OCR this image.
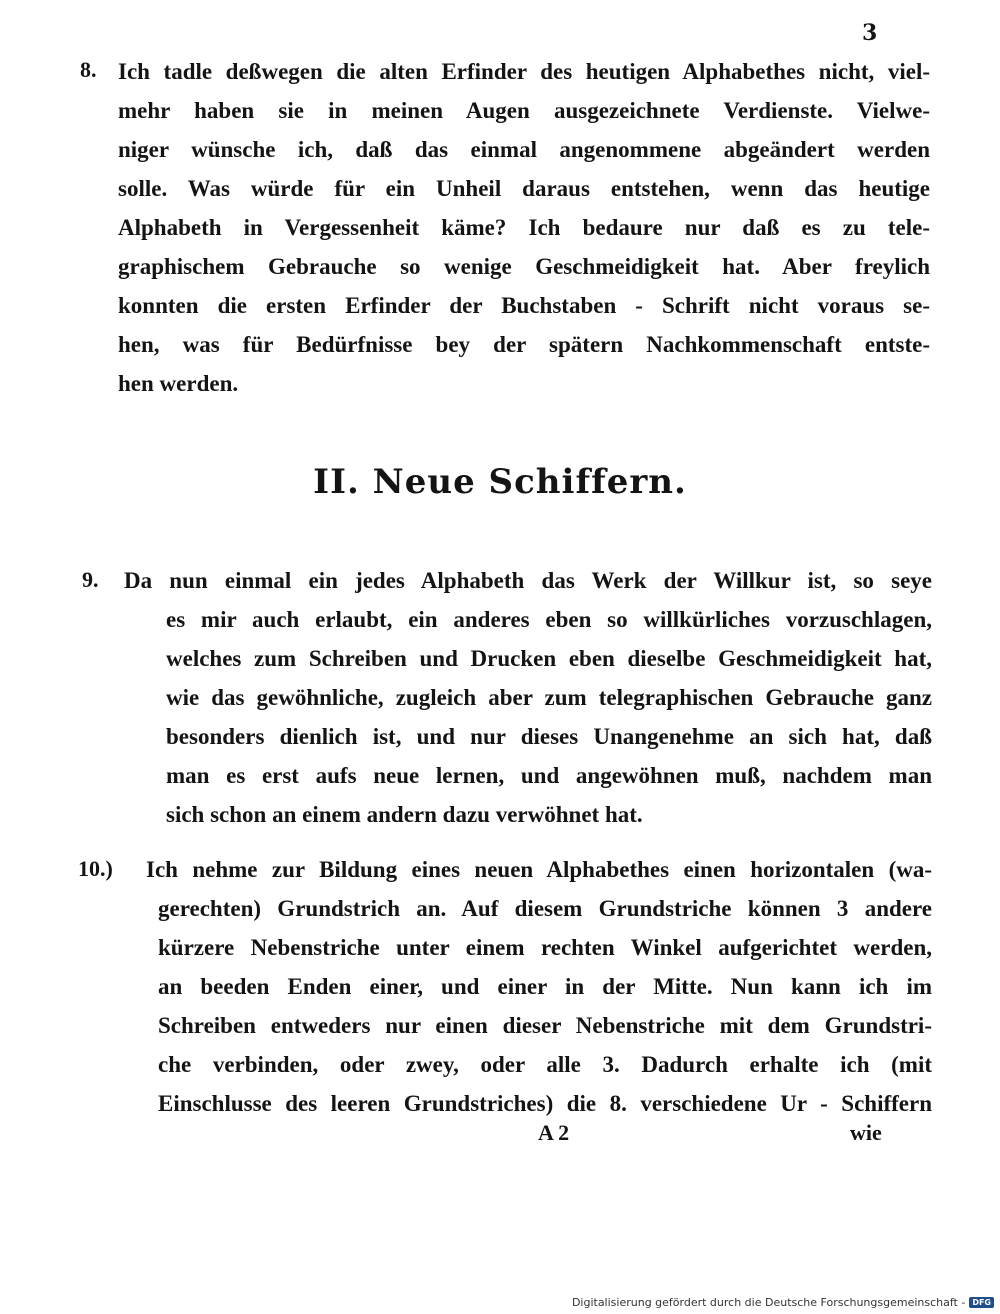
3
8. Ich tadle deßwegen die alten Erfinder des heutigen Alphabethes nicht, viel-
mehr haben sie in meinen Augen ausgezeichnete Verdienste. Vielwe-
niger wünsche ich, daß das einmal angenommene abgeändert werden
solle. Was würde für ein Unheil daraus entstehen, wenn das heutige
Alphabeth in Vergessenheit käme? Ich bedaure nur daß es zu tele-
graphischem Gebrauche so wenige Geschmeidigkeit hat. Aber freylich
konnten die ersten Erfinder der Buchstaben - Schrift nicht voraus se-
hen, was für Bedürfnisse bey der spätern Nachkommenschaft entste-
hen werden.
II. Neue Schiffern.
9. Da nun einmal ein jedes Alphabeth das Werk der Willkur ist, so seye
es mir auch erlaubt, ein anderes eben so willkürliches vorzuschlagen,
welches zum Schreiben und Drucken eben dieselbe Geschmeidigkeit hat,
wie das gewöhnliche, zugleich aber zum telegraphischen Gebrauche ganz
besonders dienlich ist, und nur dieses Unangenehme an sich hat, daß
man es erst aufs neue lernen, und angewöhnen muß, nachdem man
sich schon an einem andern dazu verwöhnet hat.
10.) Ich nehme zur Bildung eines neuen Alphabethes einen horizontalen (wa-
gerechten) Grundstrich an. Auf diesem Grundstriche können 3 andere
kürzere Nebenstriche unter einem rechten Winkel aufgerichtet werden,
an beeden Enden einer, und einer in der Mitte. Nun kann ich im
Schreiben entweders nur einen dieser Nebenstriche mit dem Grundstri-
che verbinden, oder zwey, oder alle 3. Dadurch erhalte ich (mit
Einschlusse des leeren Grundstriches) die 8. verschiedene Ur - Schiffern
A 2	wie
Digitalisierung gefördert durch die Deutsche Forschungsgemeinschaft - DFG
